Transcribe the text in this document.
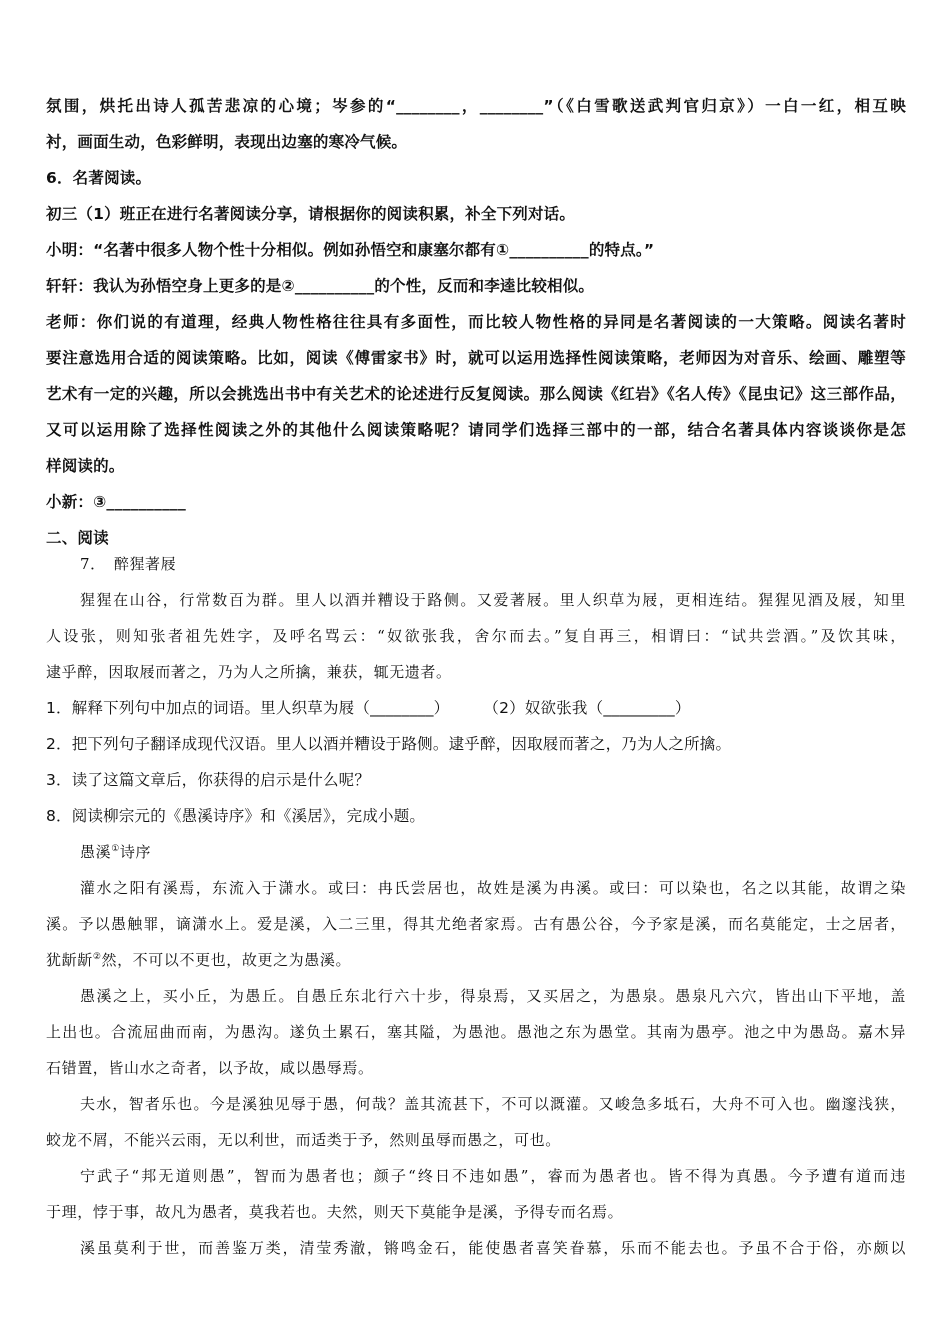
氛围，烘托出诗人孤苦悲凉的心境；岑参的“________，________”（《白雪歌送武判官归京》）一白一红，相互映
衬，画面生动，色彩鲜明，表现出边塞的寒冷气候。
6．名著阅读。
初三（1）班正在进行名著阅读分享，请根据你的阅读积累，补全下列对话。
小明：“名著中很多人物个性十分相似。例如孙悟空和康塞尔都有①__________的特点。”
轩轩：我认为孙悟空身上更多的是②__________的个性，反而和李逵比较相似。
老师：你们说的有道理，经典人物性格往往具有多面性，而比较人物性格的异同是名著阅读的一大策略。阅读名著时
要注意选用合适的阅读策略。比如，阅读《傅雷家书》时，就可以运用选择性阅读策略，老师因为对音乐、绘画、雕塑等
艺术有一定的兴趣，所以会挑选出书中有关艺术的论述进行反复阅读。那么阅读《红岩》《名人传》《昆虫记》这三部作品，
又可以运用除了选择性阅读之外的其他什么阅读策略呢？请同学们选择三部中的一部，结合名著具体内容谈谈你是怎
样阅读的。
小新：③__________
二、阅读
7．　醉猩著屐
猩猩在山谷，行常数百为群。里人以酒并糟设于路侧。又爱著屐。里人织草为屐，更相连结。猩猩见酒及屐，知里
人设张，则知张者祖先姓字，及呼名骂云：“奴欲张我，舍尔而去。”复自再三，相谓曰：“试共尝酒。”及饮其味，
逮乎醉，因取屐而著之，乃为人之所擒，兼获，辄无遗者。
1．解释下列句中加点的词语。里人织草为屐（________） （2）奴欲张我（_________）
2．把下列句子翻译成现代汉语。里人以酒并糟设于路侧。逮乎醉，因取屐而著之，乃为人之所擒。
3．读了这篇文章后，你获得的启示是什么呢？
8．阅读柳宗元的《愚溪诗序》和《溪居》，完成小题。
愚溪①诗序
灌水之阳有溪焉，东流入于潇水。或曰：冉氏尝居也，故姓是溪为冉溪。或曰：可以染也，名之以其能，故谓之染
溪。予以愚触罪，谪潇水上。爱是溪，入二三里，得其尤绝者家焉。古有愚公谷，今予家是溪，而名莫能定，士之居者，
犹龂龂②然，不可以不更也，故更之为愚溪。
愚溪之上，买小丘，为愚丘。自愚丘东北行六十步，得泉焉，又买居之，为愚泉。愚泉凡六穴，皆出山下平地，盖
上出也。合流屈曲而南，为愚沟。遂负土累石，塞其隘，为愚池。愚池之东为愚堂。其南为愚亭。池之中为愚岛。嘉木异
石错置，皆山水之奇者，以予故，咸以愚辱焉。
夫水，智者乐也。今是溪独见辱于愚，何哉？盖其流甚下，不可以溉灌。又峻急多坻石，大舟不可入也。幽邃浅狭，
蛟龙不屑，不能兴云雨，无以利世，而适类于予，然则虽辱而愚之，可也。
宁武子“邦无道则愚”，智而为愚者也；颜子“终日不违如愚”，睿而为愚者也。皆不得为真愚。今予遭有道而违
于理，悖于事，故凡为愚者，莫我若也。夫然，则天下莫能争是溪，予得专而名焉。
溪虽莫利于世，而善鉴万类，清莹秀澈，锵鸣金石，能使愚者喜笑眷慕，乐而不能去也。予虽不合于俗，亦颇以
